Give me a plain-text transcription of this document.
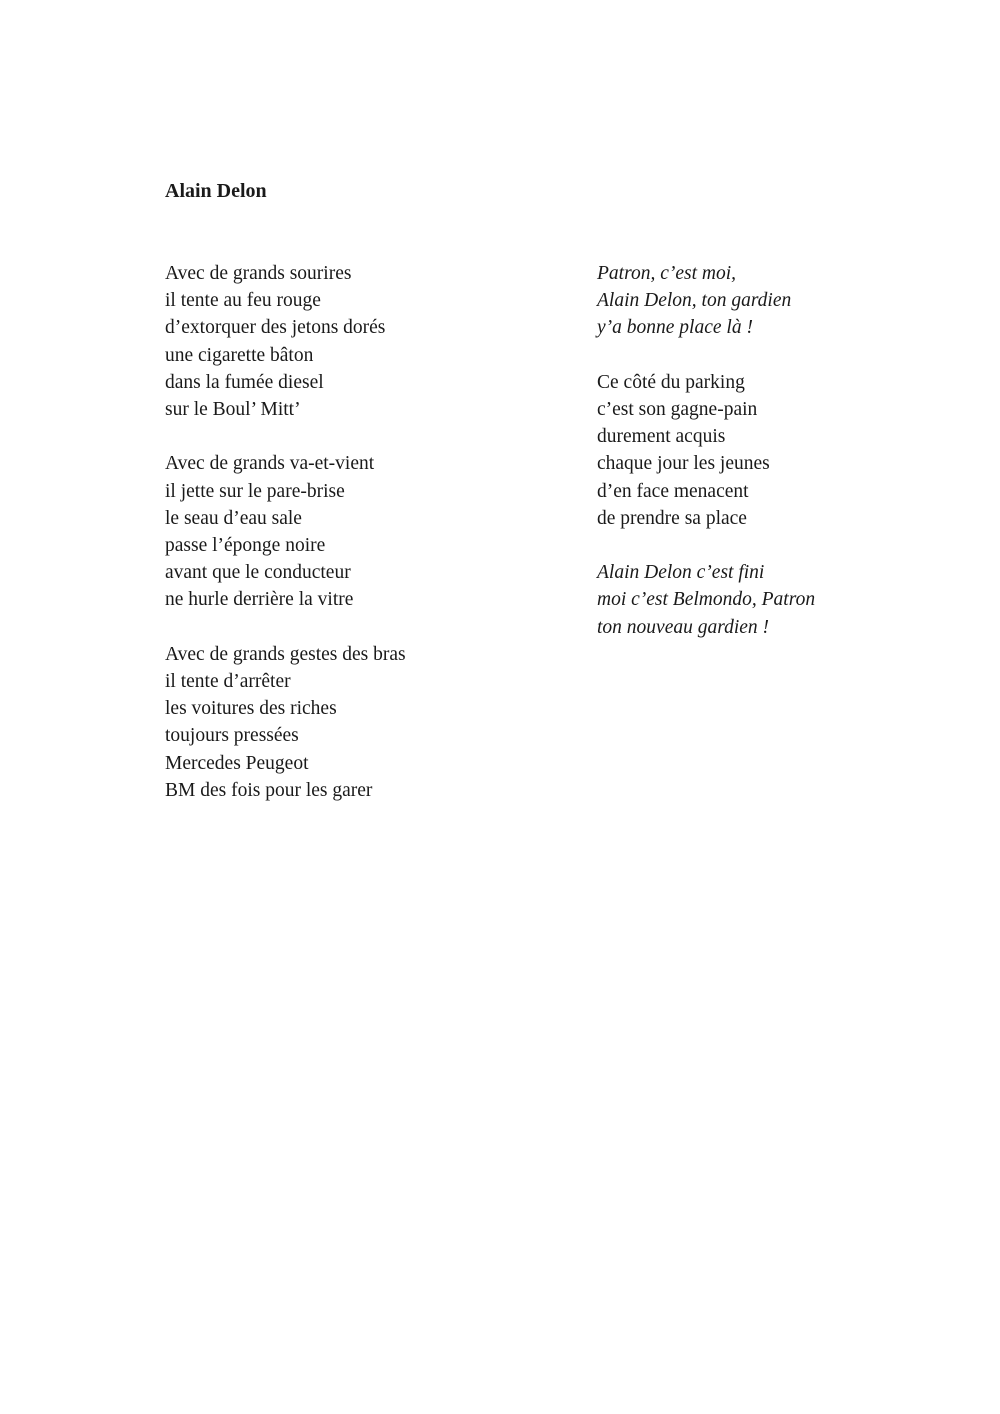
Alain Delon
Avec de grands sourires
il tente au feu rouge
d’extorquer des jetons dorés
une cigarette bâton
dans la fumée diesel
sur le Boul’ Mitt’
Avec de grands va-et-vient
il jette sur le pare-brise
le seau d’eau sale
passe l’éponge noire
avant que le conducteur
ne hurle derrière la vitre
Avec de grands gestes des bras
il tente d’arrêter
les voitures des riches
toujours pressées
Mercedes Peugeot
BM des fois pour les garer
Patron, c’est moi,
Alain Delon, ton gardien
y’a bonne place là !
Ce côté du parking
c’est son gagne-pain
durement acquis
chaque jour les jeunes
d’en face menacent
de prendre sa place
Alain Delon c’est fini
moi c’est Belmondo, Patron
ton nouveau gardien !
